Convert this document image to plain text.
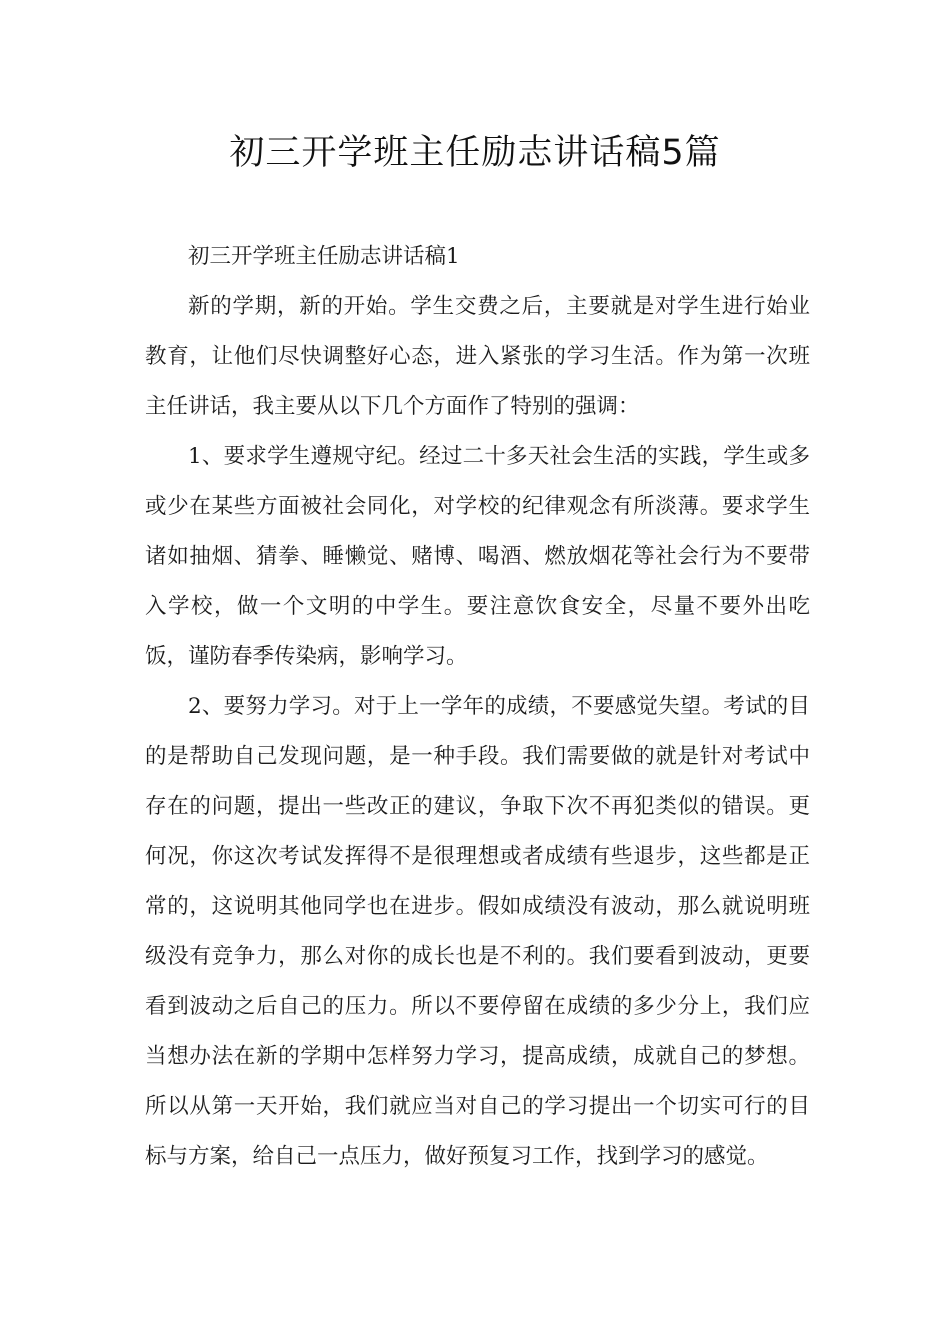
初三开学班主任励志讲话稿5篇

初三开学班主任励志讲话稿1

新的学期，新的开始。学生交费之后，主要就是对学生进行始业教育，让他们尽快调整好心态，进入紧张的学习生活。作为第一次班主任讲话，我主要从以下几个方面作了特别的强调：

1、要求学生遵规守纪。经过二十多天社会生活的实践，学生或多或少在某些方面被社会同化，对学校的纪律观念有所淡薄。要求学生诸如抽烟、猜拳、睡懒觉、赌博、喝酒、燃放烟花等社会行为不要带入学校，做一个文明的中学生。要注意饮食安全，尽量不要外出吃饭，谨防春季传染病，影响学习。

2、要努力学习。对于上一学年的成绩，不要感觉失望。考试的目的是帮助自己发现问题，是一种手段。我们需要做的就是针对考试中存在的问题，提出一些改正的建议，争取下次不再犯类似的错误。更何况，你这次考试发挥得不是很理想或者成绩有些退步，这些都是正常的，这说明其他同学也在进步。假如成绩没有波动，那么就说明班级没有竞争力，那么对你的成长也是不利的。我们要看到波动，更要看到波动之后自己的压力。所以不要停留在成绩的多少分上，我们应当想办法在新的学期中怎样努力学习，提高成绩，成就自己的梦想。所以从第一天开始，我们就应当对自己的学习提出一个切实可行的目标与方案，给自己一点压力，做好预复习工作，找到学习的感觉。
